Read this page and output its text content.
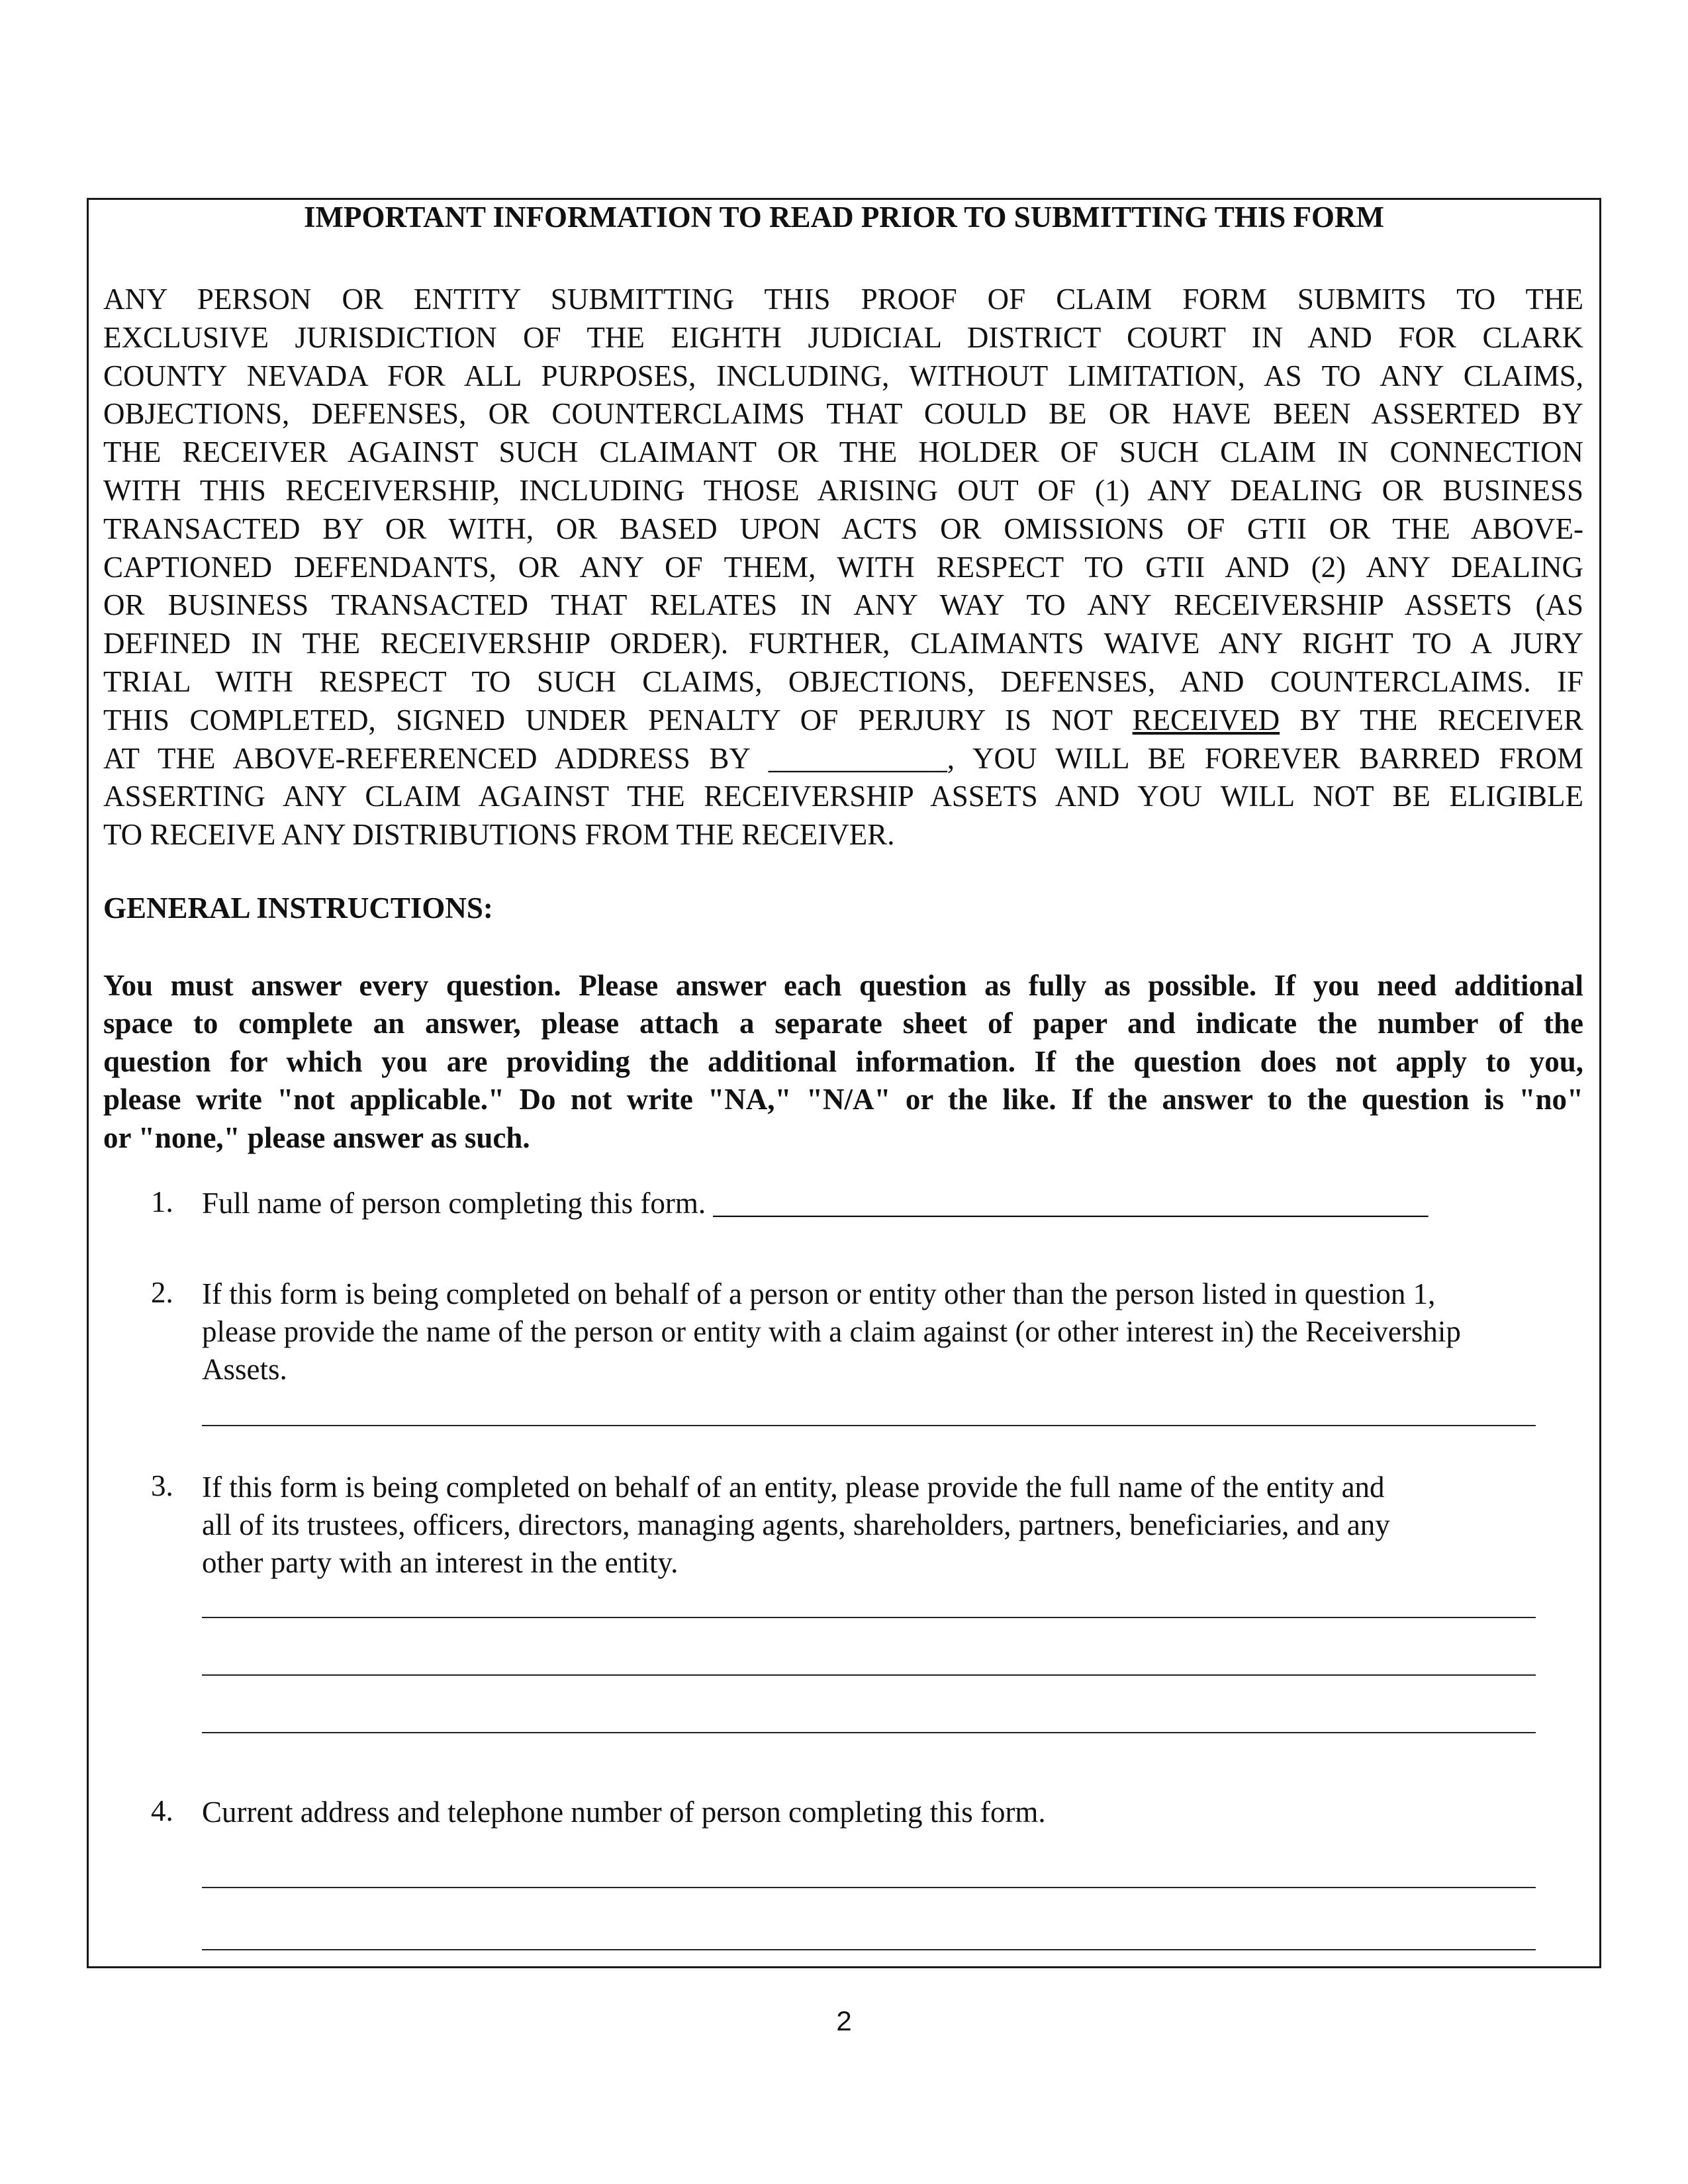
IMPORTANT INFORMATION TO READ PRIOR TO SUBMITTING THIS FORM
ANY PERSON OR ENTITY SUBMITTING THIS PROOF OF CLAIM FORM SUBMITS TO THE
EXCLUSIVE JURISDICTION OF THE EIGHTH JUDICIAL DISTRICT COURT IN AND FOR CLARK
COUNTY NEVADA FOR ALL PURPOSES, INCLUDING, WITHOUT LIMITATION, AS TO ANY CLAIMS,
OBJECTIONS, DEFENSES, OR COUNTERCLAIMS THAT COULD BE OR HAVE BEEN ASSERTED BY
THE RECEIVER AGAINST SUCH CLAIMANT OR THE HOLDER OF SUCH CLAIM IN CONNECTION
WITH THIS RECEIVERSHIP, INCLUDING THOSE ARISING OUT OF (1) ANY DEALING OR BUSINESS
TRANSACTED BY OR WITH, OR BASED UPON ACTS OR OMISSIONS OF GTII OR THE ABOVE-
CAPTIONED DEFENDANTS, OR ANY OF THEM, WITH RESPECT TO GTII AND (2) ANY DEALING
OR BUSINESS TRANSACTED THAT RELATES IN ANY WAY TO ANY RECEIVERSHIP ASSETS (AS
DEFINED IN THE RECEIVERSHIP ORDER). FURTHER, CLAIMANTS WAIVE ANY RIGHT TO A JURY
TRIAL WITH RESPECT TO SUCH CLAIMS, OBJECTIONS, DEFENSES, AND COUNTERCLAIMS. IF
THIS COMPLETED, SIGNED UNDER PENALTY OF PERJURY IS NOT RECEIVED BY THE RECEIVER
AT THE ABOVE-REFERENCED ADDRESS BY ____________, YOU WILL BE FOREVER BARRED FROM
ASSERTING ANY CLAIM AGAINST THE RECEIVERSHIP ASSETS AND YOU WILL NOT BE ELIGIBLE
TO RECEIVE ANY DISTRIBUTIONS FROM THE RECEIVER.
GENERAL INSTRUCTIONS:
You must answer every question. Please answer each question as fully as possible. If you need additional
space to complete an answer, please attach a separate sheet of paper and indicate the number of the
question for which you are providing the additional information. If the question does not apply to you,
please write "not applicable." Do not write "NA," "N/A" or the like. If the answer to the question is "no"
or "none," please answer as such.
1. Full name of person completing this form. ________________________________________________
2. If this form is being completed on behalf of a person or entity other than the person listed in question 1,
please provide the name of the person or entity with a claim against (or other interest in) the Receivership
Assets.
3. If this form is being completed on behalf of an entity, please provide the full name of the entity and
all of its trustees, officers, directors, managing agents, shareholders, partners, beneficiaries, and any
other party with an interest in the entity.
4. Current address and telephone number of person completing this form.
2
